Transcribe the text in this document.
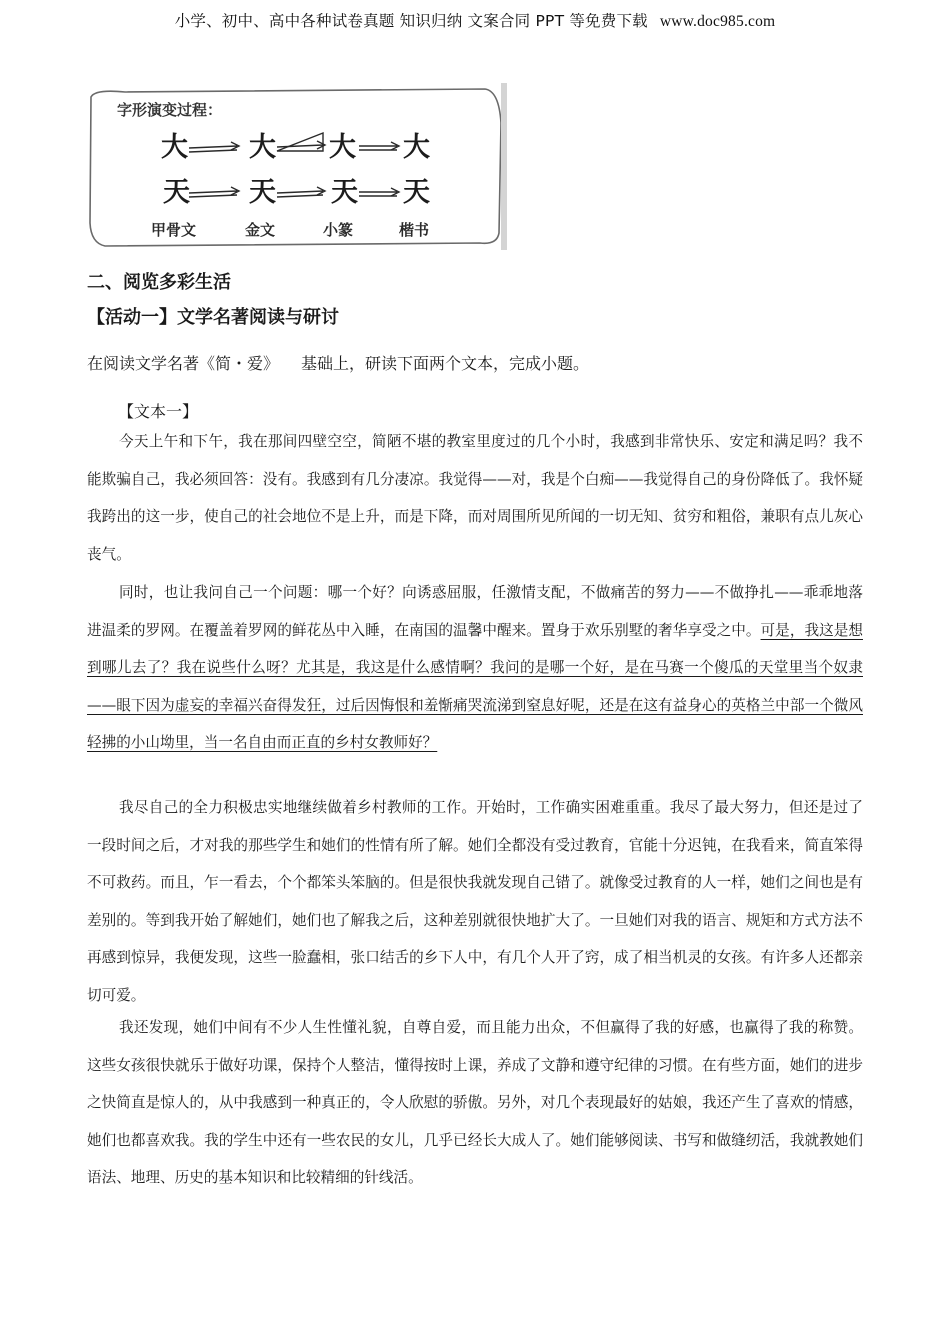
小学、初中、高中各种试卷真题 知识归纳 文案合同 PPT 等免费下载 www.doc985.com
字形演变过程：
大 大 大 大
天 天 天 天
甲骨文	金文	小篆	楷书
二、阅览多彩生活
【活动一】文学名著阅读与研讨
在阅读文学名著《简・爱》 基础上，研读下面两个文本，完成小题。
【文本一】
今天上午和下午，我在那间四壁空空，简陋不堪的教室里度过的几个小时，我感到非常快乐、安定和满足吗？我不能欺骗自己，我必须回答：没有。我感到有几分凄凉。我觉得——对，我是个白痴——我觉得自己的身份降低了。我怀疑我跨出的这一步，使自己的社会地位不是上升，而是下降，而对周围所见所闻的一切无知、贫穷和粗俗，兼职有点儿灰心丧气。
同时，也让我问自己一个问题：哪一个好？向诱惑屈服，任激情支配，不做痛苦的努力——不做挣扎——乖乖地落进温柔的罗网。在覆盖着罗网的鲜花丛中入睡，在南国的温馨中醒来。置身于欢乐别墅的奢华享受之中。可是，我这是想到哪儿去了？我在说些什么呀？尤其是，我这是什么感情啊？我问的是哪一个好，是在马赛一个傻瓜的天堂里当个奴隶——眼下因为虚妄的幸福兴奋得发狂，过后因悔恨和羞惭痛哭流涕到窒息好呢，还是在这有益身心的英格兰中部一个微风轻拂的小山坳里，当一名自由而正直的乡村女教师好？
我尽自己的全力积极忠实地继续做着乡村教师的工作。开始时，工作确实困难重重。我尽了最大努力，但还是过了一段时间之后，才对我的那些学生和她们的性情有所了解。她们全都没有受过教育，官能十分迟钝，在我看来，简直笨得不可救药。而且，乍一看去，个个都笨头笨脑的。但是很快我就发现自己错了。就像受过教育的人一样，她们之间也是有差别的。等到我开始了解她们，她们也了解我之后，这种差别就很快地扩大了。一旦她们对我的语言、规矩和方式方法不再感到惊异，我便发现，这些一脸蠢相，张口结舌的乡下人中，有几个人开了窍，成了相当机灵的女孩。有许多人还都亲切可爱。
我还发现，她们中间有不少人生性懂礼貌，自尊自爱，而且能力出众，不但赢得了我的好感，也赢得了我的称赞。这些女孩很快就乐于做好功课，保持个人整洁，懂得按时上课，养成了文静和遵守纪律的习惯。在有些方面，她们的进步之快简直是惊人的，从中我感到一种真正的，令人欣慰的骄傲。另外，对几个表现最好的姑娘，我还产生了喜欢的情感，她们也都喜欢我。我的学生中还有一些农民的女儿，几乎已经长大成人了。她们能够阅读、书写和做缝纫活，我就教她们语法、地理、历史的基本知识和比较精细的针线活。
